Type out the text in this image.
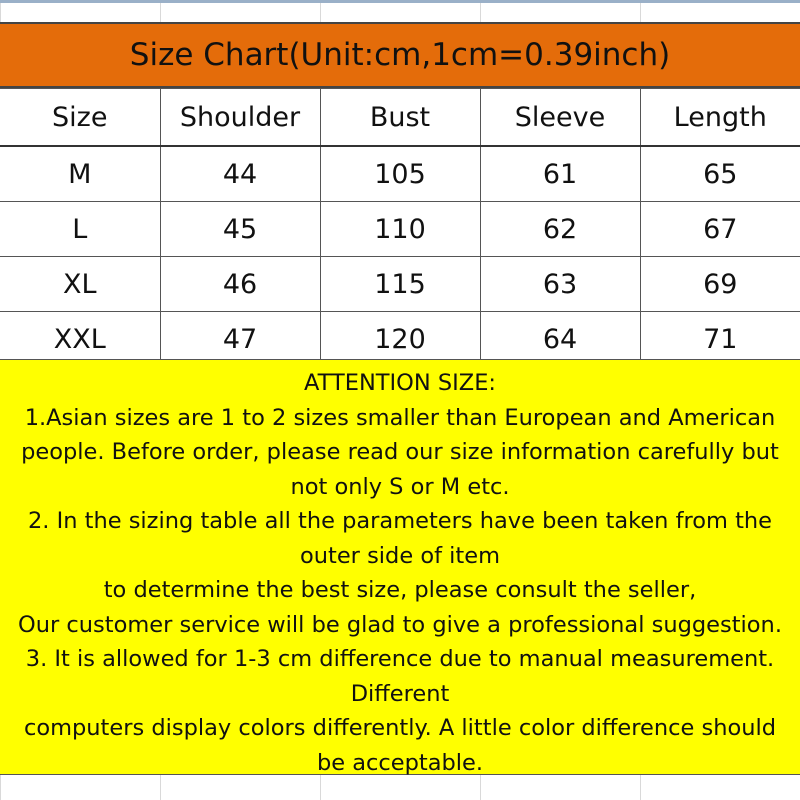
Size Chart(Unit:cm,1cm=0.39inch)
Size	Shoulder	Bust	Sleeve	Length
M	44	105	61	65
L	45	110	62	67
XL	46	115	63	69
XXL	47	120	64	71
ATTENTION SIZE:
1.Asian sizes are 1 to 2 sizes smaller than European and American
people. Before order, please read our size information carefully but
not only S or M etc.
2. In the sizing table all the parameters have been taken from the
outer side of item
to determine the best size, please consult the seller,
Our customer service will be glad to give a professional suggestion.
3. It is allowed for 1-3 cm difference due to manual measurement.
Different
computers display colors differently. A little color difference should
be acceptable.
